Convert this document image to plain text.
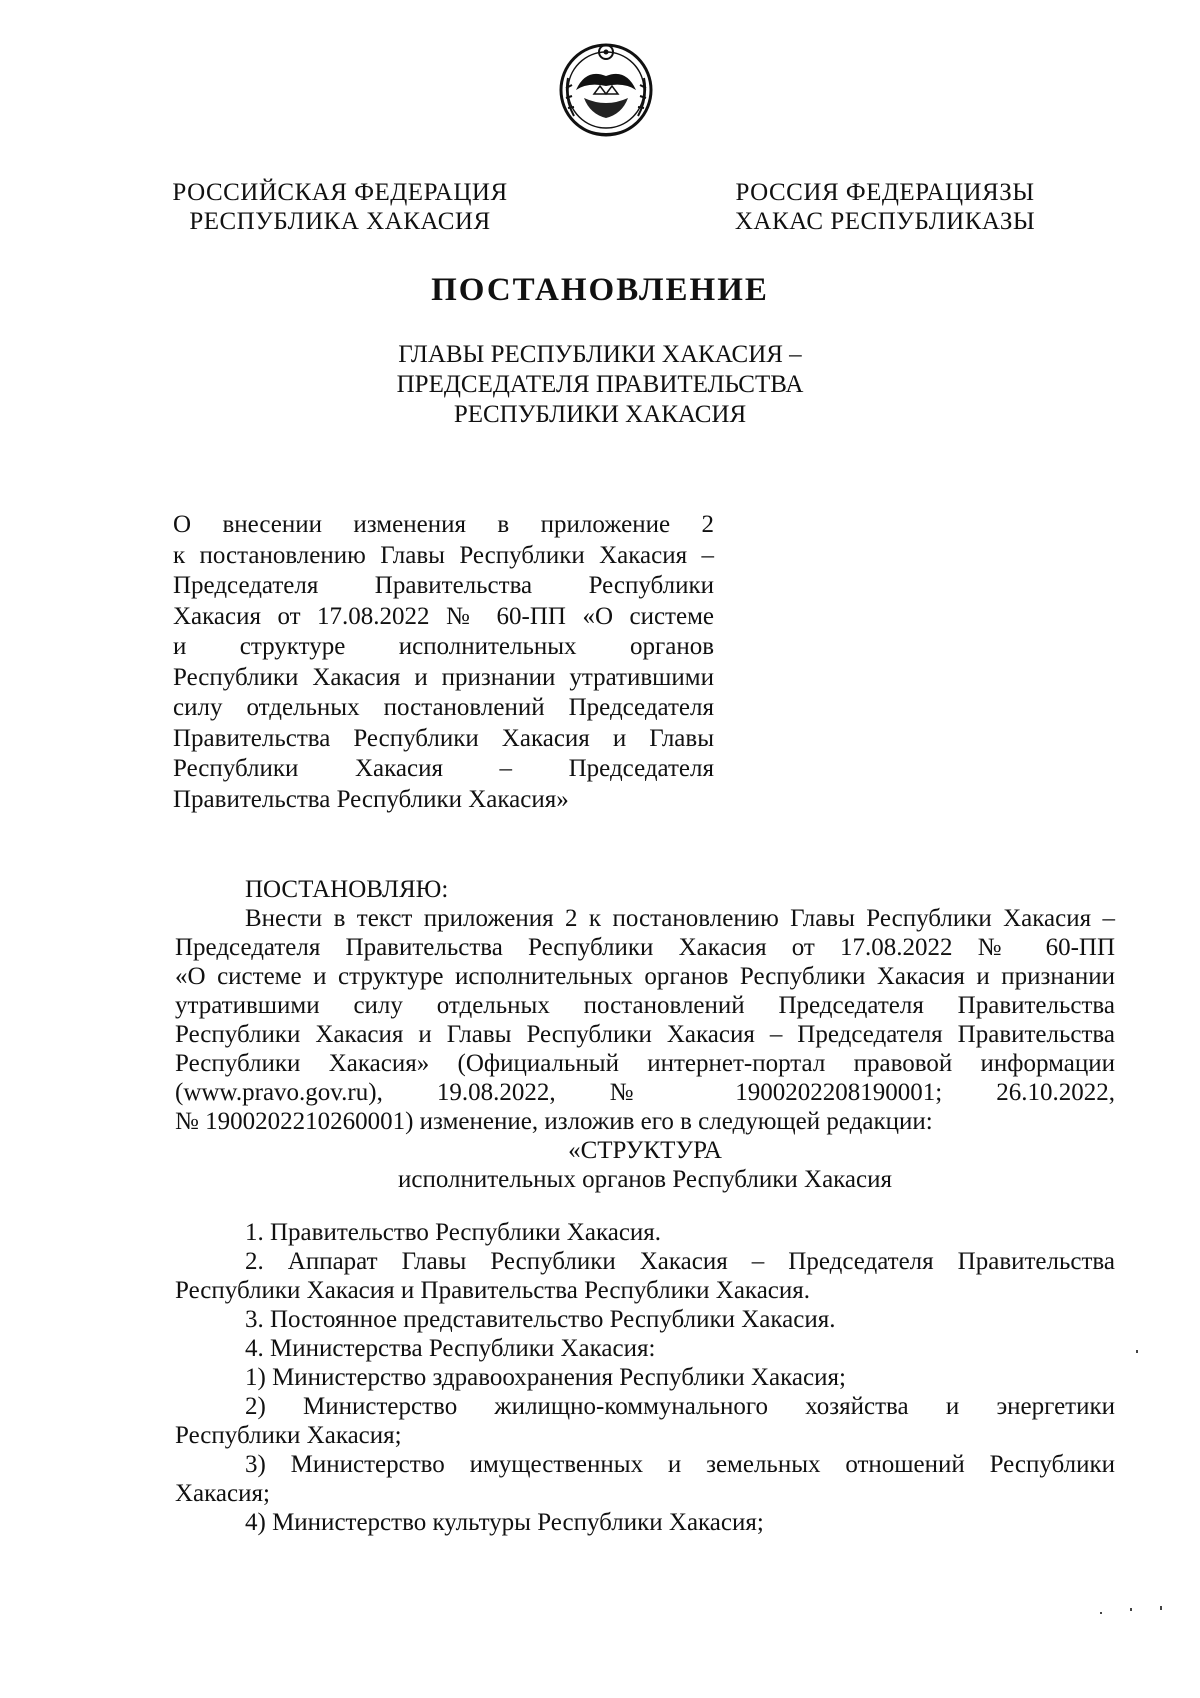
РОССИЙСКАЯ ФЕДЕРАЦИЯ
РЕСПУБЛИКА ХАКАСИЯ
РОССИЯ ФЕДЕРАЦИЯЗЫ
ХАКАС РЕСПУБЛИКАЗЫ
ПОСТАНОВЛЕНИЕ
ГЛАВЫ РЕСПУБЛИКИ ХАКАСИЯ –
ПРЕДСЕДАТЕЛЯ ПРАВИТЕЛЬСТВА
РЕСПУБЛИКИ ХАКАСИЯ
О внесении изменения в приложение 2
к постановлению Главы Республики Хакасия –
Председателя Правительства Республики
Хакасия от 17.08.2022 № 60-ПП «О системе
и структуре исполнительных органов
Республики Хакасия и признании утратившими
силу отдельных постановлений Председателя
Правительства Республики Хакасия и Главы
Республики Хакасия – Председателя
Правительства Республики Хакасия»
ПОСТАНОВЛЯЮ:
Внести в текст приложения 2 к постановлению Главы Республики Хакасия –
Председателя Правительства Республики Хакасия от 17.08.2022 № 60-ПП
«О системе и структуре исполнительных органов Республики Хакасия и признании
утратившими силу отдельных постановлений Председателя Правительства
Республики Хакасия и Главы Республики Хакасия – Председателя Правительства
Республики Хакасия» (Официальный интернет-портал правовой информации
(www.pravo.gov.ru), 19.08.2022, № 1900202208190001; 26.10.2022,
№ 1900202210260001) изменение, изложив его в следующей редакции:
«СТРУКТУРА
исполнительных органов Республики Хакасия
1. Правительство Республики Хакасия.
2. Аппарат Главы Республики Хакасия – Председателя Правительства
Республики Хакасия и Правительства Республики Хакасия.
3. Постоянное представительство Республики Хакасия.
4. Министерства Республики Хакасия:
1) Министерство здравоохранения Республики Хакасия;
2) Министерство жилищно-коммунального хозяйства и энергетики
Республики Хакасия;
3) Министерство имущественных и земельных отношений Республики
Хакасия;
4) Министерство культуры Республики Хакасия;
